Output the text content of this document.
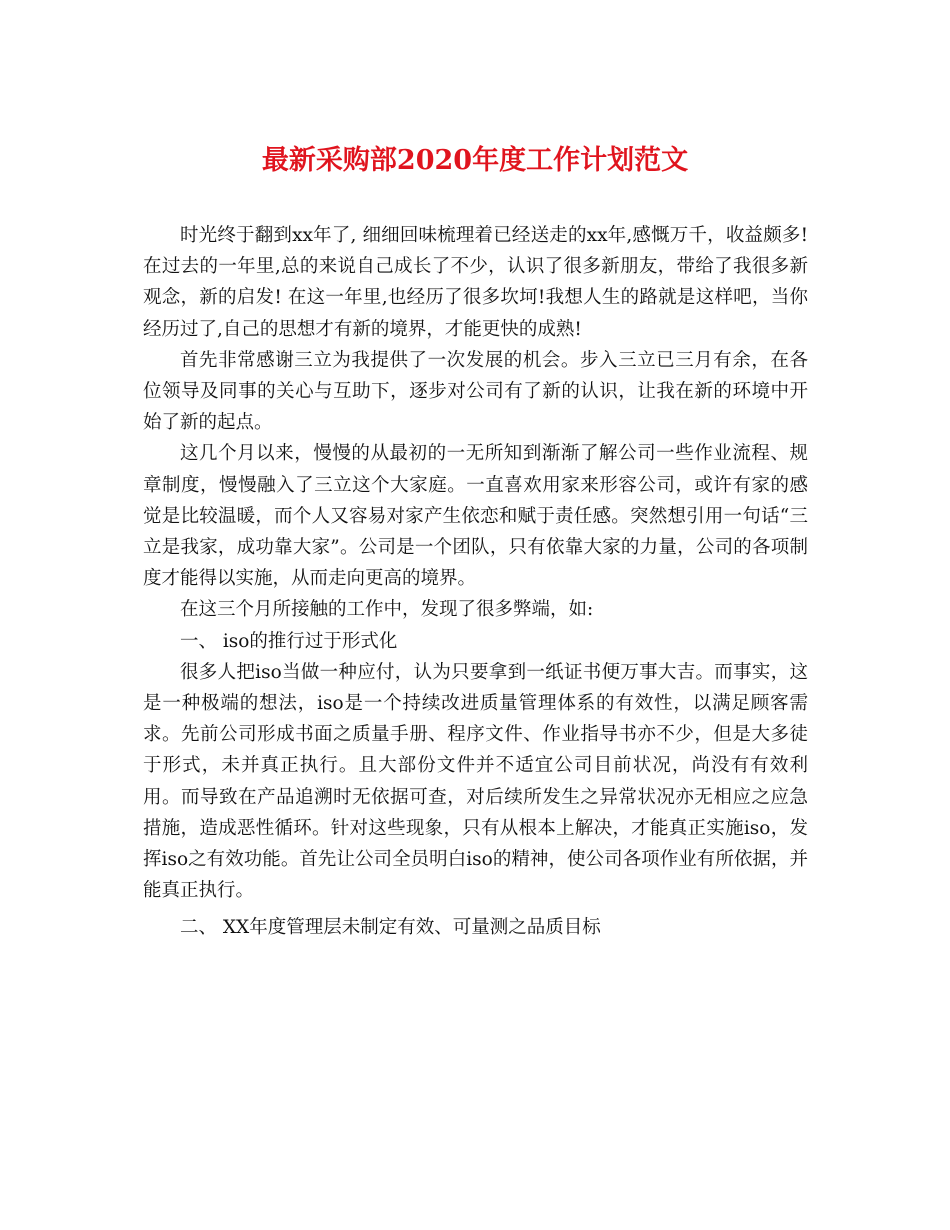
最新采购部2020年度工作计划范文

时光终于翻到xx年了, 细细回味梳理着已经送走的xx年,感慨万千，收益颇多! 在过去的一年里,总的来说自己成长了不少，认识了很多新朋友，带给了我很多新观念，新的启发! 在这一年里,也经历了很多坎坷!我想人生的路就是这样吧，当你经历过了,自己的思想才有新的境界，才能更快的成熟!

首先非常感谢三立为我提供了一次发展的机会。步入三立已三月有余，在各位领导及同事的关心与互助下，逐步对公司有了新的认识，让我在新的环境中开始了新的起点。

这几个月以来，慢慢的从最初的一无所知到渐渐了解公司一些作业流程、规章制度，慢慢融入了三立这个大家庭。一直喜欢用家来形容公司，或许有家的感觉是比较温暖，而个人又容易对家产生依恋和赋于责任感。突然想引用一句话“三立是我家，成功靠大家”。公司是一个团队，只有依靠大家的力量，公司的各项制度才能得以实施，从而走向更高的境界。

在这三个月所接触的工作中，发现了很多弊端，如:

一、 iso的推行过于形式化

很多人把iso当做一种应付，认为只要拿到一纸证书便万事大吉。而事实，这是一种极端的想法，iso是一个持续改进质量管理体系的有效性，以满足顾客需求。先前公司形成书面之质量手册、程序文件、作业指导书亦不少，但是大多徒于形式，未并真正执行。且大部份文件并不适宜公司目前状况，尚没有有效利用。而导致在产品追溯时无依据可查，对后续所发生之异常状况亦无相应之应急措施，造成恶性循环。针对这些现象，只有从根本上解决，才能真正实施iso，发挥iso之有效功能。首先让公司全员明白iso的精神，使公司各项作业有所依据，并能真正执行。

二、 XX年度管理层未制定有效、可量测之品质目标
